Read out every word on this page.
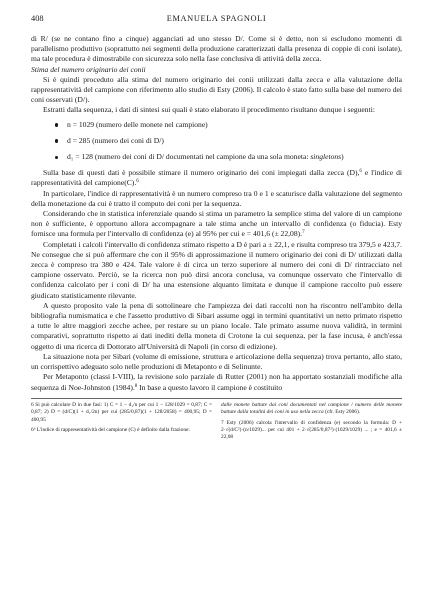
408	EMANUELA SPAGNOLI

di R/ (se ne contano fino a cinque) agganciati ad uno stesso D/. Come si è detto, non si escludono momenti di parallelismo produttivo (soprattutto nei segmenti della produzione caratterizzati dalla presenza di coppie di coni isolate), ma tale procedura è dimostrabile con sicurezza solo nella fase conclusiva di attività della zecca.

Stima del numero originario dei conii

Si è quindi proceduto alla stima del numero originario dei conii utilizzati dalla zecca e alla valutazione della rappresentatività del campione con riferimento allo studio di Esty (2006). Il calcolo è stato fatto sulla base del numero dei coni osservati (D/).

Estratti dalla sequenza, i dati di sintesi sui quali è stato elaborato il procedimento risultano dunque i seguenti:

n = 1029 (numero delle monete nel campione)
d = 285 (numero dei coni di D/)
d₁ = 128 (numero dei coni di D/ documentati nel campione da una sola moneta: singletons)

Sulla base di questi dati è possibile stimare il numero originario dei coni impiegati dalla zecca (D),$^6$ e l'indice di rappresentatività del campione(C).$^6$

In particolare, l'indice di rappresentatività è un numero compreso tra 0 e 1 e scaturisce dalla valutazione del segmento della monetazione da cui è tratto il computo dei coni per la sequenza.

Considerando che in statistica inferenziale quando si stima un parametro la semplice stima del valore di un campione non è sufficiente, è opportuno allora accompagnare a tale stima anche un intervallo di confidenza (o fiducia). Esty fornisce una formula per l'intervallo di confidenza (e) al 95% per cui e = 401,6 (± 22,08).$^7$

Completati i calcoli l'intervallo di confidenza stimato rispetto a D è pari a ± 22,1, e risulta compreso tra 379,5 e 423,7. Ne consegue che si può affermare che con il 95% di approssimazione il numero originario dei coni di D/ utilizzati dalla zecca è compreso tra 380 e 424. Tale valore è di circa un terzo superiore al numero dei coni di D/ rintracciato nel campione osservato. Perciò, se la ricerca non può dirsi ancora conclusa, va comunque osservato che l'intervallo di confidenza calcolato per i coni di D/ ha una estensione alquanto limitata e dunque il campione raccolto può essere giudicato statisticamente rilevante.

A questo proposito vale la pena di sottolineare che l'ampiezza dei dati raccolti non ha riscontro nell'ambito della bibliografia numismatica e che l'assetto produttivo di Sibari assume oggi in termini quantitativi un netto primato rispetto a tutte le altre maggiori zecche achee, per restare su un piano locale. Tale primato assume nuova validità, in termini comparativi, soprattutto rispetto ai dati inediti della moneta di Crotone la cui sequenza, per la fase incusa, è anch'essa oggetto di una ricerca di Dottorato all'Università di Napoli (in corso di edizione).

La situazione nota per Sibari (volume di emissione, struttura e articolazione della sequenza) trova pertanto, allo stato, un corrispettivo adeguato solo nelle produzioni di Metaponto e di Selinunte.

Per Metaponto (classi I-VIII), la revisione solo parziale di Rutter (2001) non ha apportato sostanziali modifiche alla sequenza di Noe-Johnston (1984).$^8$ In base a questo lavoro il campione è costituito

6 Si può calcolare D in due fasi: 1) C = 1 − d₁/n per cui 1 − 128/1029 = 0,87; C = 0,87; 2) D = (d/C)(1 + d₁/2n) per cui (285/0,87)(1 + 128/2058) = 400,95; D = 400,95

6ᵇ L'indice di rappresentatività del campione (C) è definito dalla frazione:

dalle monete battute dai coni documentati nel campione / numero delle monete battute dalla totalità dei coni in uso nella zecca (cfr. Esty 2006).

7 Esty (2006) calcola l'intervallo di confidenza (e) secondo la formula: D + 2·√(d/C²)·(n/1029)... per cui 401 + 2·√(285/0,87²)·(1029/1029) ... ; e = 401,6 ± 22,08
